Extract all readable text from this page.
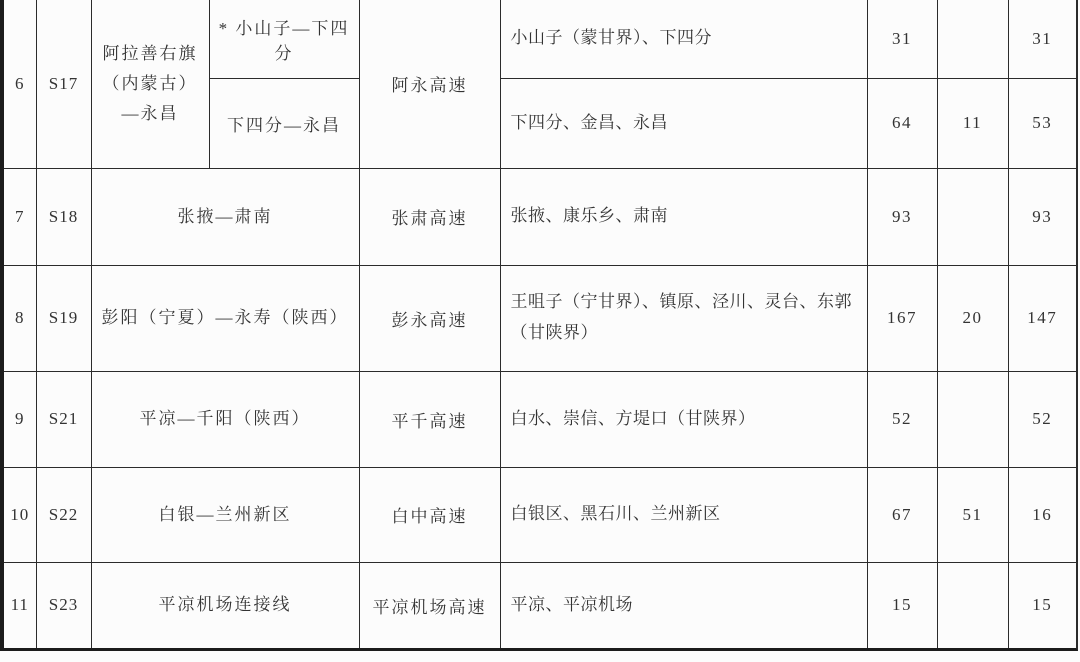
6	S17	阿拉善右旗（内蒙古）—永昌	* 小山子—下四分	阿永高速	小山子（蒙甘界）、下四分	31		31
			下四分—永昌		下四分、金昌、永昌	64	11	53
7	S18	张掖—肃南		张肃高速	张掖、康乐乡、肃南	93		93
8	S19	彭阳（宁夏）—永寿（陕西）		彭永高速	王咀子（宁甘界）、镇原、泾川、灵台、东郭（甘陕界）	167	20	147
9	S21	平凉—千阳（陕西）		平千高速	白水、崇信、方堤口（甘陕界）	52		52
10	S22	白银—兰州新区		白中高速	白银区、黑石川、兰州新区	67	51	16
11	S23	平凉机场连接线		平凉机场高速	平凉、平凉机场	15		15
